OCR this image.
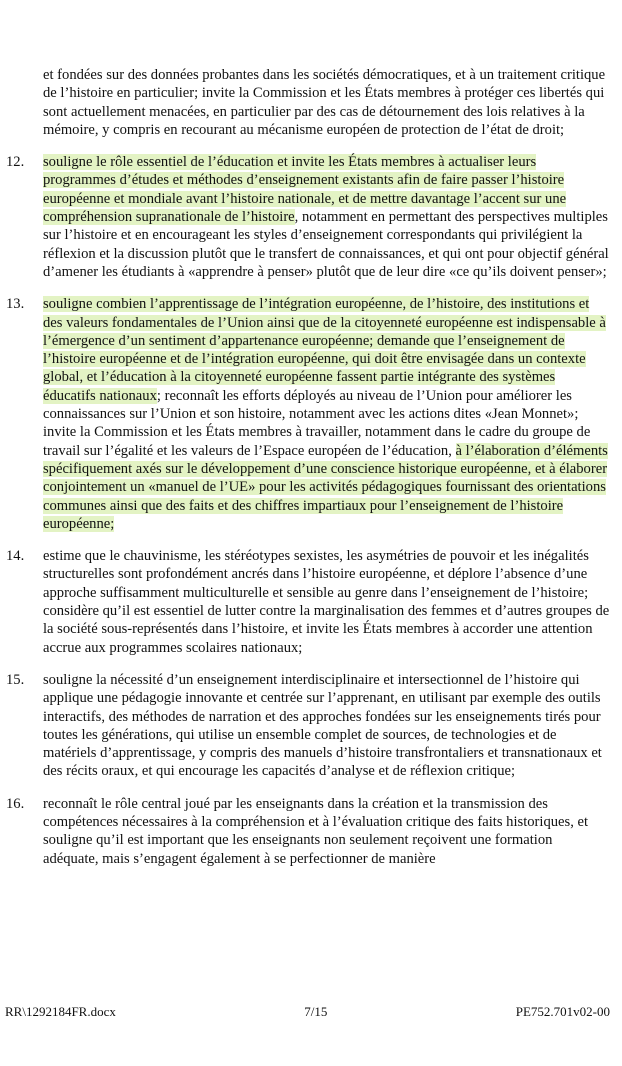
et fondées sur des données probantes dans les sociétés démocratiques, et à un traitement critique de l’histoire en particulier; invite la Commission et les États membres à protéger ces libertés qui sont actuellement menacées, en particulier par des cas de détournement des lois relatives à la mémoire, y compris en recourant au mécanisme européen de protection de l’état de droit;

12. souligne le rôle essentiel de l’éducation et invite les États membres à actualiser leurs programmes d’études et méthodes d’enseignement existants afin de faire passer l’histoire européenne et mondiale avant l’histoire nationale, et de mettre davantage l’accent sur une compréhension supranationale de l’histoire, notamment en permettant des perspectives multiples sur l’histoire et en encourageant les styles d’enseignement correspondants qui privilégient la réflexion et la discussion plutôt que le transfert de connaissances, et qui ont pour objectif général d’amener les étudiants à «apprendre à penser» plutôt que de leur dire «ce qu’ils doivent penser»;
13. souligne combien l’apprentissage de l’intégration européenne, de l’histoire, des institutions et des valeurs fondamentales de l’Union ainsi que de la citoyenneté européenne est indispensable à l’émergence d’un sentiment d’appartenance européenne; demande que l’enseignement de l’histoire européenne et de l’intégration européenne, qui doit être envisagée dans un contexte global, et l’éducation à la citoyenneté européenne fassent partie intégrante des systèmes éducatifs nationaux; reconnaît les efforts déployés au niveau de l’Union pour améliorer les connaissances sur l’Union et son histoire, notamment avec les actions dites «Jean Monnet»; invite la Commission et les États membres à travailler, notamment dans le cadre du groupe de travail sur l’égalité et les valeurs de l’Espace européen de l’éducation, à l’élaboration d’éléments spécifiquement axés sur le développement d’une conscience historique européenne, et à élaborer conjointement un «manuel de l’UE» pour les activités pédagogiques fournissant des orientations communes ainsi que des faits et des chiffres impartiaux pour l’enseignement de l’histoire européenne;
14. estime que le chauvinisme, les stéréotypes sexistes, les asymétries de pouvoir et les inégalités structurelles sont profondément ancrés dans l’histoire européenne, et déplore l’absence d’une approche suffisamment multiculturelle et sensible au genre dans l’enseignement de l’histoire; considère qu’il est essentiel de lutter contre la marginalisation des femmes et d’autres groupes de la société sous-représentés dans l’histoire, et invite les États membres à accorder une attention accrue aux programmes scolaires nationaux;
15. souligne la nécessité d’un enseignement interdisciplinaire et intersectionnel de l’histoire qui applique une pédagogie innovante et centrée sur l’apprenant, en utilisant par exemple des outils interactifs, des méthodes de narration et des approches fondées sur les enseignements tirés pour toutes les générations, qui utilise un ensemble complet de sources, de technologies et de matériels d’apprentissage, y compris des manuels d’histoire transfrontaliers et transnationaux et des récits oraux, et qui encourage les capacités d’analyse et de réflexion critique;
16. reconnaît le rôle central joué par les enseignants dans la création et la transmission des compétences nécessaires à la compréhension et à l’évaluation critique des faits historiques, et souligne qu’il est important que les enseignants non seulement reçoivent une formation adéquate, mais s’engagent également à se perfectionner de manière
RR\1292184FR.docx	7/15	PE752.701v02-00
